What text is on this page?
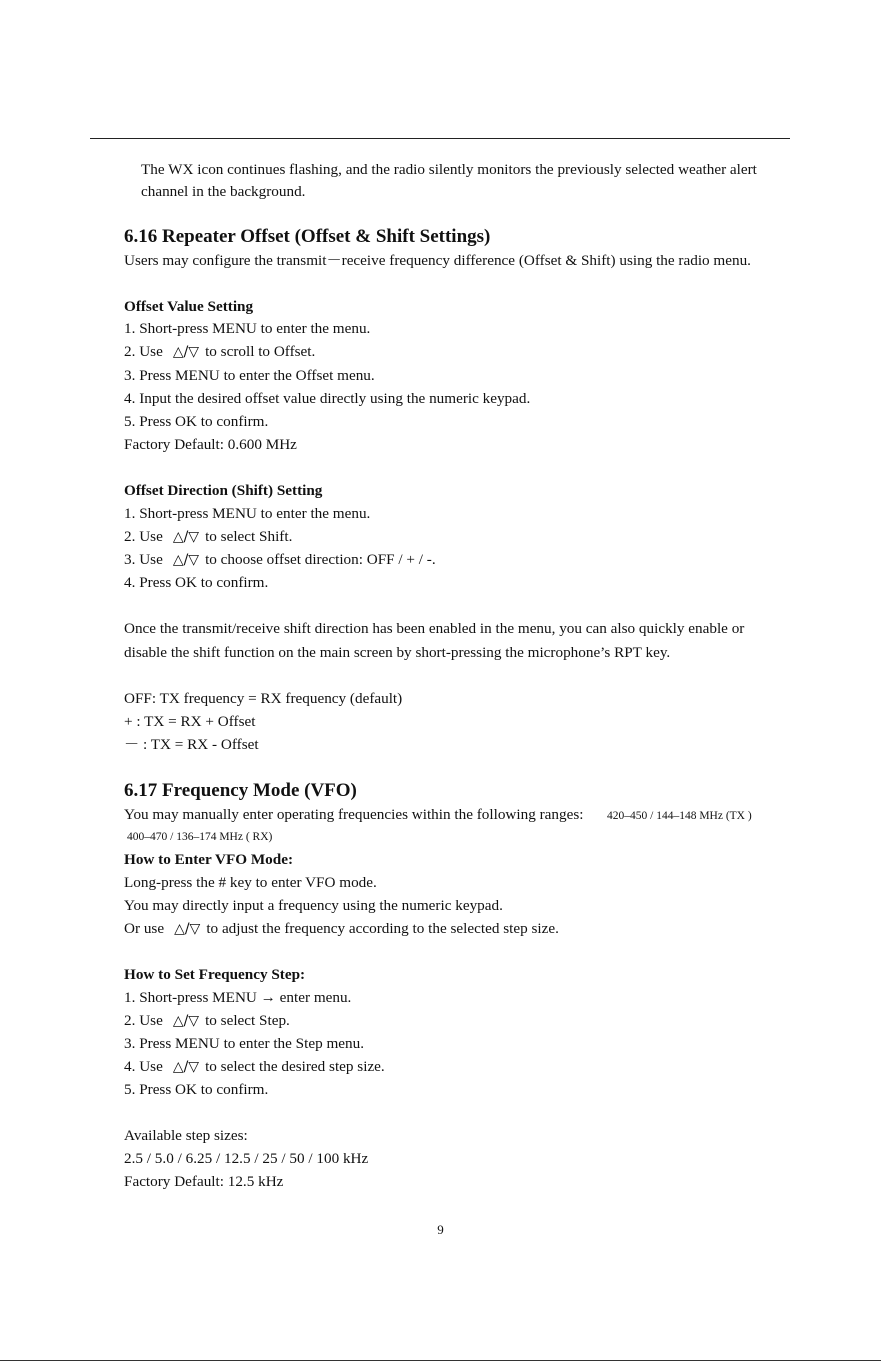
The WX icon continues flashing, and the radio silently monitors the previously selected weather alert
channel in the background.
6.16 Repeater Offset (Offset & Shift Settings)
Users may configure the transmit－receive frequency difference (Offset & Shift) using the radio menu.
Offset Value Setting
1. Short-press MENU to enter the menu.
2. Use △/▽ to scroll to Offset.
3. Press MENU to enter the Offset menu.
4. Input the desired offset value directly using the numeric keypad.
5. Press OK to confirm.
Factory Default: 0.600 MHz
Offset Direction (Shift) Setting
1. Short-press MENU to enter the menu.
2. Use △/▽ to select Shift.
3. Use △/▽ to choose offset direction: OFF / + / -.
4. Press OK to confirm.
Once the transmit/receive shift direction has been enabled in the menu, you can also quickly enable or
disable the shift function on the main screen by short-pressing the microphone’s RPT key.
OFF: TX frequency = RX frequency (default)
+ : TX = RX + Offset
－ : TX = RX - Offset
6.17 Frequency Mode (VFO)
You may manually enter operating frequencies within the following ranges: 420–450 / 144–148 MHz (TX )
400–470 / 136–174 MHz ( RX)
How to Enter VFO Mode:
Long-press the # key to enter VFO mode.
You may directly input a frequency using the numeric keypad.
Or use △/▽ to adjust the frequency according to the selected step size.
How to Set Frequency Step:
1. Short-press MENU → enter menu.
2. Use △/▽ to select Step.
3. Press MENU to enter the Step menu.
4. Use △/▽ to select the desired step size.
5. Press OK to confirm.
Available step sizes:
2.5 / 5.0 / 6.25 / 12.5 / 25 / 50 / 100 kHz
Factory Default: 12.5 kHz
9
